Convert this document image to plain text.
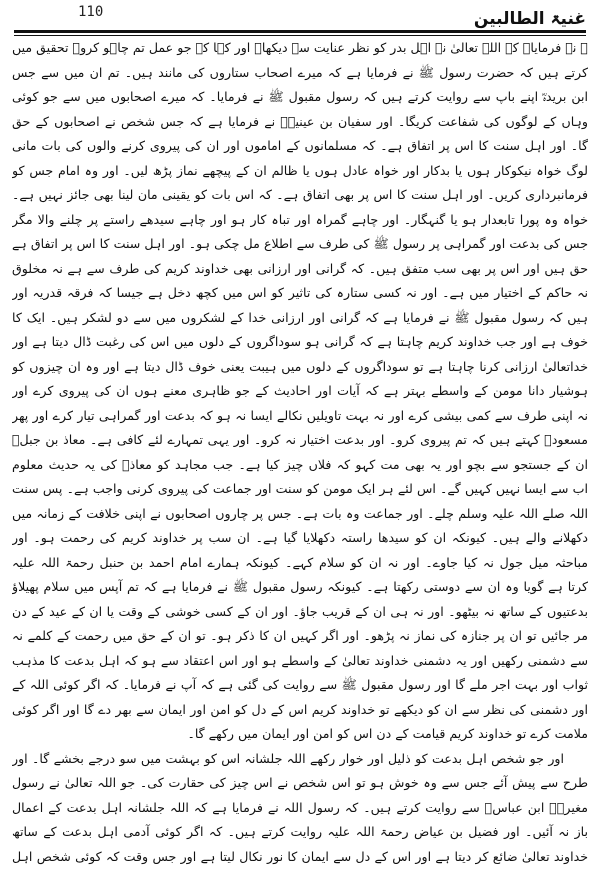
110	غنیۃ الطالبین
ﷺ نے فرمایا۔ کہ اللہ تعالیٰ نے اہل بدر کو نظر عنایت سے دیکھا۔ اور کہا کہ جو عمل تم چاہو کرو۔ تحقیق میں
کرتے ہیں کہ حضرت رسول ﷺ نے فرمایا ہے کہ میرے اصحاب ستاروں کی مانند ہیں۔ تم ان میں سے جس
ابن بریدہؓ اپنے باپ سے روایت کرتے ہیں کہ رسول مقبول ﷺ نے فرمایا۔ کہ میرے اصحابوں میں سے جو کوئی
وہاں کے لوگوں کی شفاعت کریگا۔ اور سفیان بن عینیہؒ نے فرمایا ہے کہ جس شخص نے اصحابوں کے حق
گا۔ اور اہل سنت کا اس پر اتفاق ہے۔ کہ مسلمانوں کے اماموں اور ان کی پیروی کرنے والوں کی بات مانی
لوگ خواہ نیکوکار ہوں یا بدکار اور خواہ عادل ہوں یا ظالم ان کے پیچھے نماز پڑھ لیں۔ اور وہ امام جس کو
فرمانبرداری کریں۔ اور اہل سنت کا اس پر بھی اتفاق ہے۔ کہ اس بات کو یقینی مان لینا بھی جائز نہیں ہے۔
خواہ وہ پورا تابعدار ہو یا گنہگار۔ اور چاہے گمراہ اور تباہ کار ہو اور چاہے سیدھے راستے پر چلنے والا مگر
جس کی بدعت اور گمراہی پر رسول ﷺ کی طرف سے اطلاع مل چکی ہو۔ اور اہل سنت کا اس پر اتفاق ہے
حق ہیں اور اس پر بھی سب متفق ہیں۔ کہ گرانی اور ارزانی بھی خداوند کریم کی طرف سے ہے نہ مخلوق
نہ حاکم کے اختیار میں ہے۔ اور نہ کسی ستارہ کی تاثیر کو اس میں کچھ دخل ہے جیسا کہ فرقہ قدریہ اور
ہیں کہ رسول مقبول ﷺ نے فرمایا ہے کہ گرانی اور ارزانی خدا کے لشکروں میں سے دو لشکر ہیں۔ ایک کا
خوف ہے اور جب خداوند کریم چاہتا ہے کہ گرانی ہو سوداگروں کے دلوں میں اس کی رغبت ڈال دیتا ہے اور
خداتعالیٰ ارزانی کرنا چاہتا ہے تو سوداگروں کے دلوں میں ہیبت یعنی خوف ڈال دیتا ہے اور وہ ان چیزوں کو
ہوشیار دانا مومن کے واسطے بہتر ہے کہ آیات اور احادیث کے جو ظاہری معنے ہوں ان کی پیروی کرے اور
نہ اپنی طرف سے کمی بیشی کرے اور نہ بہت تاویلیں نکالے ایسا نہ ہو کہ بدعت اور گمراہی تیار کرے اور پھر
مسعودؓ کہتے ہیں کہ تم پیروی کرو۔ اور بدعت اختیار نہ کرو۔ اور یہی تمہارے لئے کافی ہے۔ معاذ بن جبلؓ
ان کے جستجو سے بچو اور یہ بھی مت کہو کہ فلاں چیز کیا ہے۔ جب مجاہد کو معاذؓ کی یہ حدیث معلوم
اب سے ایسا نہیں کہیں گے۔ اس لئے ہر ایک مومن کو سنت اور جماعت کی پیروی کرنی واجب ہے۔ پس سنت
اللہ صلے اللہ علیہ وسلم چلے۔ اور جماعت وہ بات ہے۔ جس پر چاروں اصحابوں نے اپنی خلافت کے زمانہ میں
دکھلانے والے ہیں۔ کیونکہ ان کو سیدھا راستہ دکھلایا گیا ہے۔ ان سب پر خداوند کریم کی رحمت ہو۔ اور
مباحثہ میل جول نہ کیا جاوے۔ اور نہ ان کو سلام کہے۔ کیونکہ ہمارے امام احمد بن حنبل رحمۃ اللہ علیہ
کرتا ہے گویا وہ ان سے دوستی رکھتا ہے۔ کیونکہ رسول مقبول ﷺ نے فرمایا ہے کہ تم آپس میں سلام پھیلاؤ
بدعتیوں کے ساتھ نہ بیٹھو۔ اور نہ ہی ان کے قریب جاؤ۔ اور ان کے کسی خوشی کے وقت یا ان کے عید کے دن
مر جائیں تو ان پر جنازہ کی نماز نہ پڑھو۔ اور اگر کہیں ان کا ذکر ہو۔ تو ان کے حق میں رحمت کے کلمے نہ
سے دشمنی رکھیں اور یہ دشمنی خداوند تعالیٰ کے واسطے ہو اور اس اعتقاد سے ہو کہ اہل بدعت کا مذہب
ثواب اور بہت اجر ملے گا اور رسول مقبول ﷺ سے روایت کی گئی ہے کہ آپ نے فرمایا۔ کہ اگر کوئی اللہ کے
اور دشمنی کی نظر سے ان کو دیکھے تو خداوند کریم اس کے دل کو امن اور ایمان سے بھر دے گا اور اگر کوئی
ملامت کرے تو خداوند کریم قیامت کے دن اس کو امن اور ایمان میں رکھے گا۔
اور جو شخص اہل بدعت کو ذلیل اور خوار رکھے اللہ جلشانہ اس کو بہشت میں سو درجے بخشے گا۔ اور
طرح سے پیش آئے جس سے وہ خوش ہو تو اس شخص نے اس چیز کی حقارت کی۔ جو اللہ تعالیٰ نے رسول
مغیرہؓ ابن عباسؓ سے روایت کرتے ہیں۔ کہ رسول اللہ نے فرمایا ہے کہ اللہ جلشانہ اہل بدعت کے اعمال
باز نہ آئیں۔ اور فضیل بن عیاض رحمۃ اللہ علیہ روایت کرتے ہیں۔ کہ اگر کوئی آدمی اہل بدعت کے ساتھ
خداوند تعالیٰ ضائع کر دیتا ہے اور اس کے دل سے ایمان کا نور نکال لیتا ہے اور جس وقت کہ کوئی شخص اہل
